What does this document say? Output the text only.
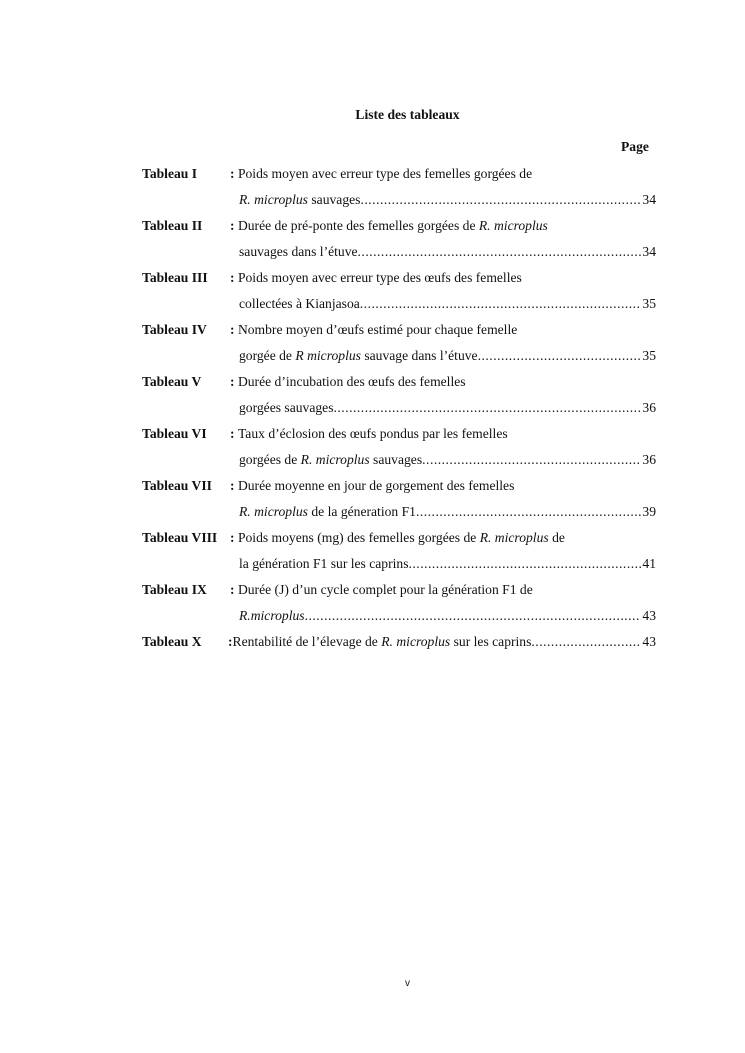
Liste des tableaux
Page
Tableau I : Poids moyen avec erreur type des femelles gorgées de
R. microplus sauvages .....	34
Tableau II : Durée de pré-ponte des femelles gorgées de R. microplus
sauvages dans l’étuve .....	34
Tableau III : Poids moyen avec erreur type des œufs des femelles
collectées à Kianjasoa .....	35
Tableau IV : Nombre moyen d’œufs estimé pour chaque femelle
gorgée de R microplus sauvage dans l’étuve .....	35
Tableau V : Durée d’incubation des œufs des femelles
gorgées sauvages .....	36
Tableau VI : Taux d’éclosion des œufs pondus par les femelles
gorgées de R. microplus sauvages .....	36
Tableau VII : Durée moyenne en jour de gorgement des femelles
R. microplus de la géneration F1 .....	39
Tableau VIII : Poids moyens (mg) des femelles gorgées de R. microplus de
la génération F1 sur les caprins .....	41
Tableau IX : Durée (J) d’un cycle complet pour la génération F1 de
R.microplus .....	43
Tableau X : Rentabilité de l’élevage de R. microplus sur les caprins .....	43
v
